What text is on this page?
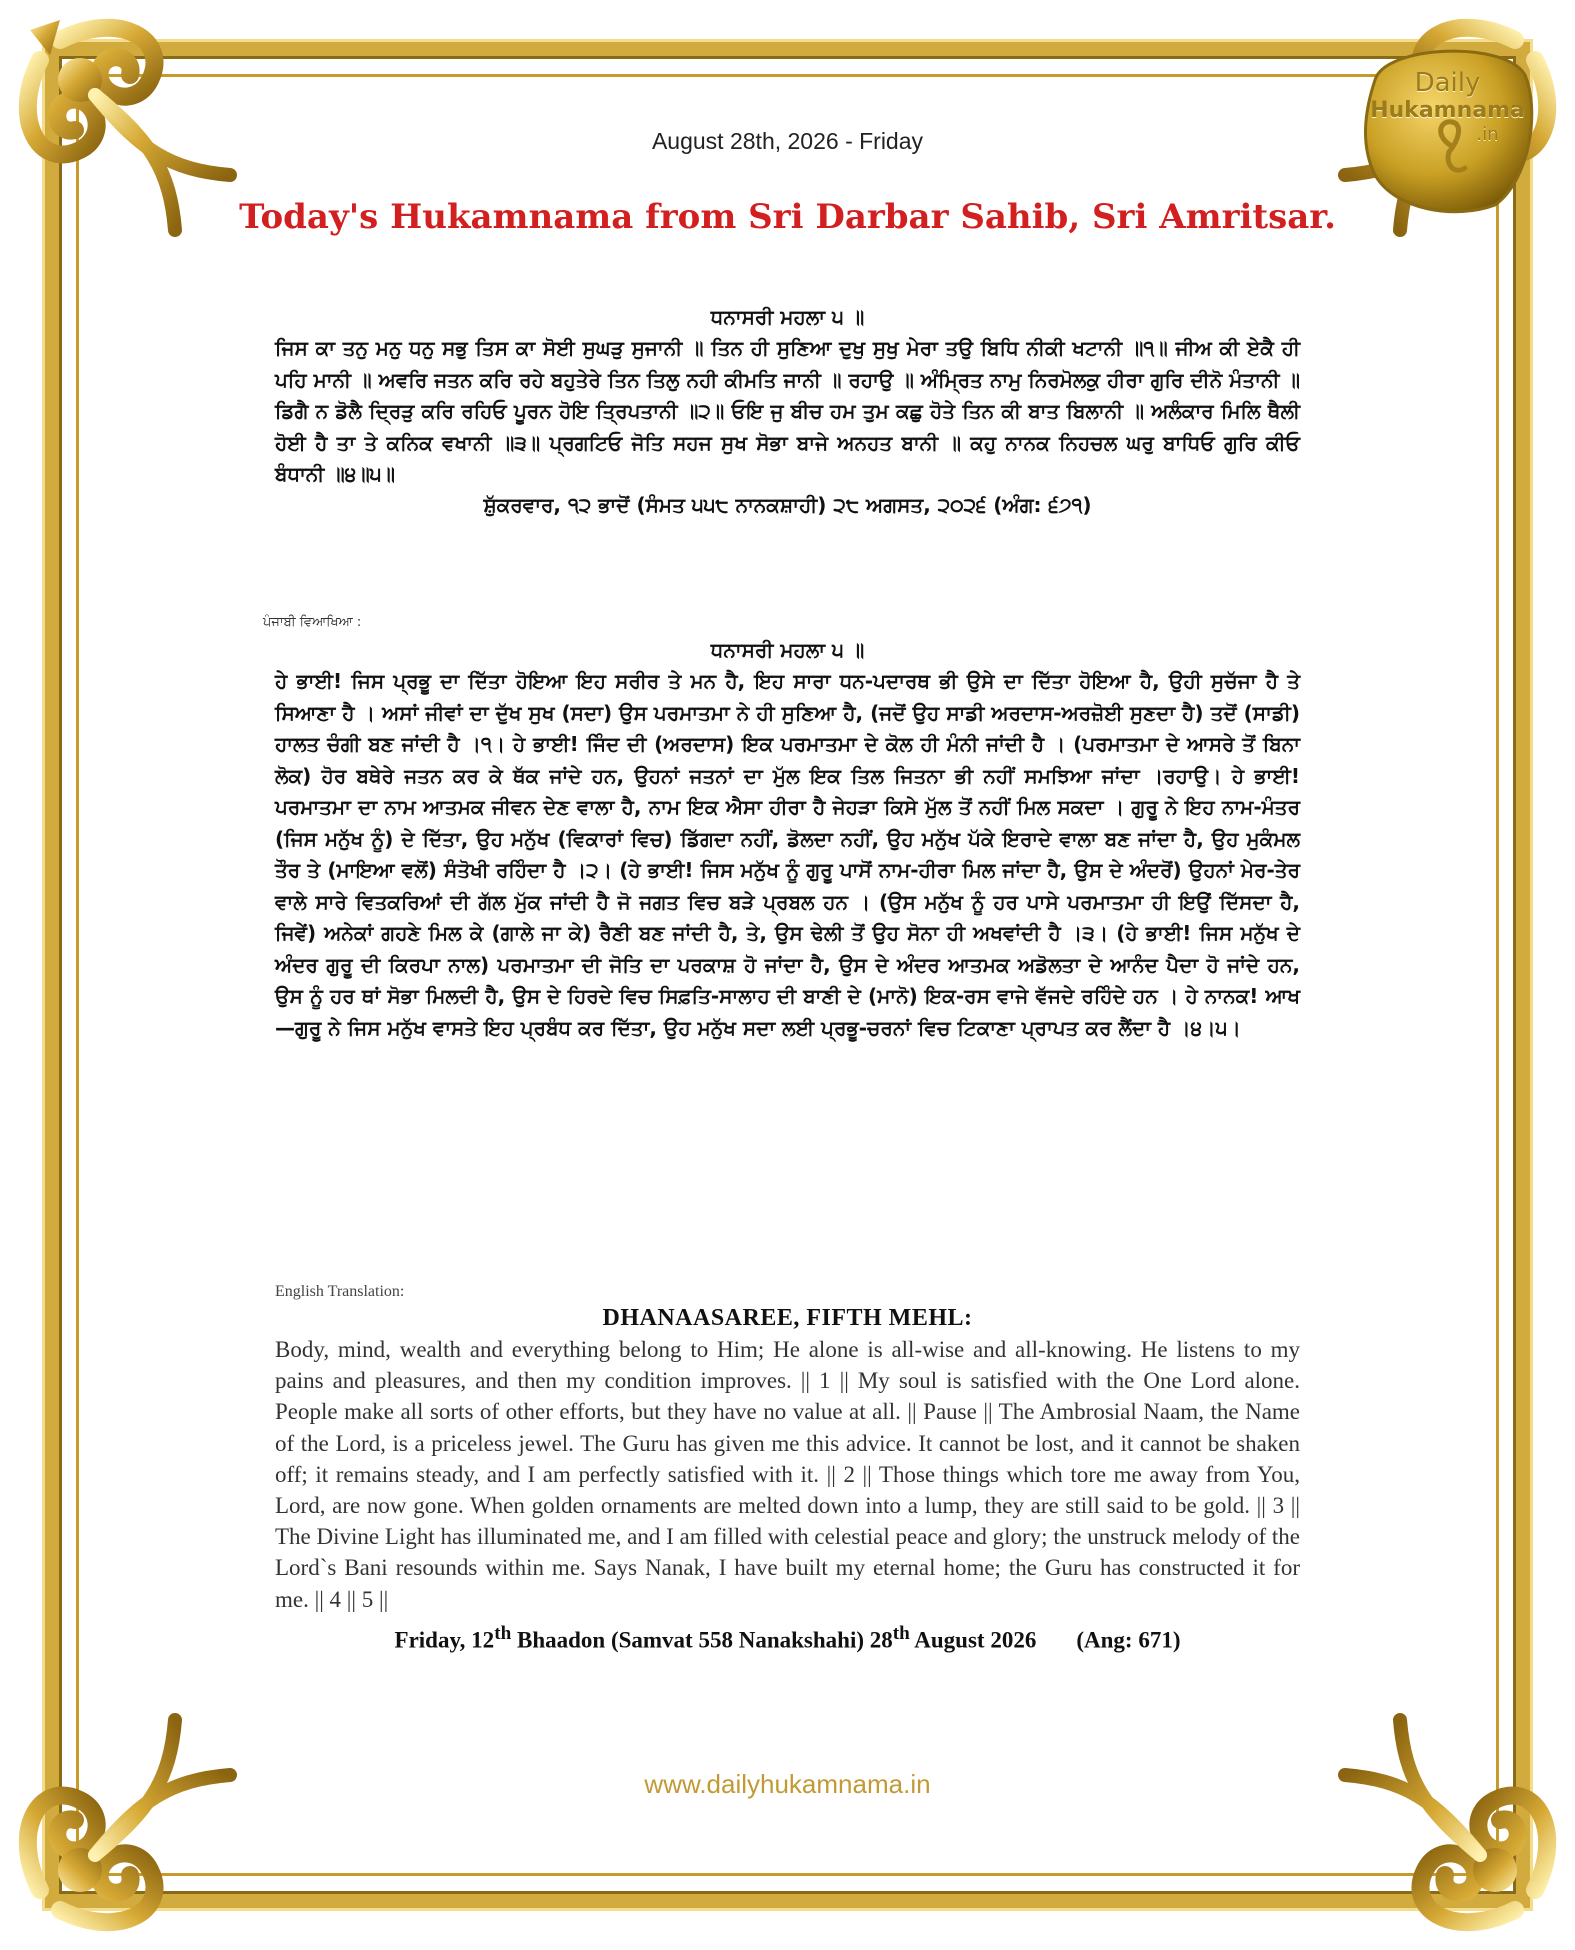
Daily
Hukamnama
.in
August 28th, 2026 - Friday
Today's Hukamnama from Sri Darbar Sahib, Sri Amritsar.
ਧਨਾਸਰੀ ਮਹਲਾ ੫ ॥
ਜਿਸ ਕਾ ਤਨੁ ਮਨੁ ਧਨੁ ਸਭੁ ਤਿਸ ਕਾ ਸੋਈ ਸੁਘੜੁ ਸੁਜਾਨੀ ॥ ਤਿਨ ਹੀ ਸੁਣਿਆ ਦੁਖੁ ਸੁਖੁ ਮੇਰਾ ਤਉ ਬਿਧਿ ਨੀਕੀ ਖਟਾਨੀ ॥੧॥ ਜੀਅ ਕੀ ਏਕੈ ਹੀ ਪਹਿ ਮਾਨੀ ॥ ਅਵਰਿ ਜਤਨ ਕਰਿ ਰਹੇ ਬਹੁਤੇਰੇ ਤਿਨ ਤਿਲੁ ਨਹੀ ਕੀਮਤਿ ਜਾਨੀ ॥ ਰਹਾਉ ॥ ਅੰਮ੍ਰਿਤ ਨਾਮੁ ਨਿਰਮੋਲਕੁ ਹੀਰਾ ਗੁਰਿ ਦੀਨੋ ਮੰਤਾਨੀ ॥ ਡਿਗੈ ਨ ਡੋਲੈ ਦ੍ਰਿੜੁ ਕਰਿ ਰਹਿਓ ਪੂਰਨ ਹੋਇ ਤ੍ਰਿਪਤਾਨੀ ॥੨॥ ਓਇ ਜੁ ਬੀਚ ਹਮ ਤੁਮ ਕਛੁ ਹੋਤੇ ਤਿਨ ਕੀ ਬਾਤ ਬਿਲਾਨੀ ॥ ਅਲੰਕਾਰ ਮਿਲਿ ਥੈਲੀ ਹੋਈ ਹੈ ਤਾ ਤੇ ਕਨਿਕ ਵਖਾਨੀ ॥੩॥ ਪ੍ਰਗਟਿਓ ਜੋਤਿ ਸਹਜ ਸੁਖ ਸੋਭਾ ਬਾਜੇ ਅਨਹਤ ਬਾਨੀ ॥ ਕਹੁ ਨਾਨਕ ਨਿਹਚਲ ਘਰੁ ਬਾਧਿਓ ਗੁਰਿ ਕੀਓ ਬੰਧਾਨੀ ॥੪॥੫॥
ਸ਼ੁੱਕਰਵਾਰ, ੧੨ ਭਾਦੋਂ (ਸੰਮਤ ੫੫੮ ਨਾਨਕਸ਼ਾਹੀ) ੨੮ ਅਗਸਤ, ੨੦੨੬ (ਅੰਗ: ੬੭੧)
ਪੰਜਾਬੀ ਵਿਆਖਿਆ :
ਧਨਾਸਰੀ ਮਹਲਾ ੫ ॥
ਹੇ ਭਾਈ! ਜਿਸ ਪ੍ਰਭੂ ਦਾ ਦਿੱਤਾ ਹੋਇਆ ਇਹ ਸਰੀਰ ਤੇ ਮਨ ਹੈ, ਇਹ ਸਾਰਾ ਧਨ-ਪਦਾਰਥ ਭੀ ਉਸੇ ਦਾ ਦਿੱਤਾ ਹੋਇਆ ਹੈ, ਉਹੀ ਸੁਚੱਜਾ ਹੈ ਤੇ ਸਿਆਣਾ ਹੈ । ਅਸਾਂ ਜੀਵਾਂ ਦਾ ਦੁੱਖ ਸੁਖ (ਸਦਾ) ਉਸ ਪਰਮਾਤਮਾ ਨੇ ਹੀ ਸੁਣਿਆ ਹੈ, (ਜਦੋਂ ਉਹ ਸਾਡੀ ਅਰਦਾਸ-ਅਰਜ਼ੋਈ ਸੁਣਦਾ ਹੈ) ਤਦੋਂ (ਸਾਡੀ) ਹਾਲਤ ਚੰਗੀ ਬਣ ਜਾਂਦੀ ਹੈ ।੧। ਹੇ ਭਾਈ! ਜਿੰਦ ਦੀ (ਅਰਦਾਸ) ਇਕ ਪਰਮਾਤਮਾ ਦੇ ਕੋਲ ਹੀ ਮੰਨੀ ਜਾਂਦੀ ਹੈ । (ਪਰਮਾਤਮਾ ਦੇ ਆਸਰੇ ਤੋਂ ਬਿਨਾ ਲੋਕ) ਹੋਰ ਬਥੇਰੇ ਜਤਨ ਕਰ ਕੇ ਥੱਕ ਜਾਂਦੇ ਹਨ, ਉਹਨਾਂ ਜਤਨਾਂ ਦਾ ਮੁੱਲ ਇਕ ਤਿਲ ਜਿਤਨਾ ਭੀ ਨਹੀਂ ਸਮਝਿਆ ਜਾਂਦਾ ।ਰਹਾਉ। ਹੇ ਭਾਈ! ਪਰਮਾਤਮਾ ਦਾ ਨਾਮ ਆਤਮਕ ਜੀਵਨ ਦੇਣ ਵਾਲਾ ਹੈ, ਨਾਮ ਇਕ ਐਸਾ ਹੀਰਾ ਹੈ ਜੇਹੜਾ ਕਿਸੇ ਮੁੱਲ ਤੋਂ ਨਹੀਂ ਮਿਲ ਸਕਦਾ । ਗੁਰੂ ਨੇ ਇਹ ਨਾਮ-ਮੰਤਰ (ਜਿਸ ਮਨੁੱਖ ਨੂੰ) ਦੇ ਦਿੱਤਾ, ਉਹ ਮਨੁੱਖ (ਵਿਕਾਰਾਂ ਵਿਚ) ਡਿੱਗਦਾ ਨਹੀਂ, ਡੋਲਦਾ ਨਹੀਂ, ਉਹ ਮਨੁੱਖ ਪੱਕੇ ਇਰਾਦੇ ਵਾਲਾ ਬਣ ਜਾਂਦਾ ਹੈ, ਉਹ ਮੁਕੰਮਲ ਤੌਰ ਤੇ (ਮਾਇਆ ਵਲੋਂ) ਸੰਤੋਖੀ ਰਹਿੰਦਾ ਹੈ ।੨। (ਹੇ ਭਾਈ! ਜਿਸ ਮਨੁੱਖ ਨੂੰ ਗੁਰੂ ਪਾਸੋਂ ਨਾਮ-ਹੀਰਾ ਮਿਲ ਜਾਂਦਾ ਹੈ, ਉਸ ਦੇ ਅੰਦਰੋਂ) ਉਹਨਾਂ ਮੇਰ-ਤੇਰ ਵਾਲੇ ਸਾਰੇ ਵਿਤਕਰਿਆਂ ਦੀ ਗੱਲ ਮੁੱਕ ਜਾਂਦੀ ਹੈ ਜੋ ਜਗਤ ਵਿਚ ਬੜੇ ਪ੍ਰਬਲ ਹਨ । (ਉਸ ਮਨੁੱਖ ਨੂੰ ਹਰ ਪਾਸੇ ਪਰਮਾਤਮਾ ਹੀ ਇਉਂ ਦਿੱਸਦਾ ਹੈ, ਜਿਵੇਂ) ਅਨੇਕਾਂ ਗਹਣੇ ਮਿਲ ਕੇ (ਗਾਲੇ ਜਾ ਕੇ) ਰੈਣੀ ਬਣ ਜਾਂਦੀ ਹੈ, ਤੇ, ਉਸ ਢੇਲੀ ਤੋਂ ਉਹ ਸੋਨਾ ਹੀ ਅਖਵਾਂਦੀ ਹੈ ।੩। (ਹੇ ਭਾਈ! ਜਿਸ ਮਨੁੱਖ ਦੇ ਅੰਦਰ ਗੁਰੂ ਦੀ ਕਿਰਪਾ ਨਾਲ) ਪਰਮਾਤਮਾ ਦੀ ਜੋਤਿ ਦਾ ਪਰਕਾਸ਼ ਹੋ ਜਾਂਦਾ ਹੈ, ਉਸ ਦੇ ਅੰਦਰ ਆਤਮਕ ਅਡੋਲਤਾ ਦੇ ਆਨੰਦ ਪੈਦਾ ਹੋ ਜਾਂਦੇ ਹਨ, ਉਸ ਨੂੰ ਹਰ ਥਾਂ ਸੋਭਾ ਮਿਲਦੀ ਹੈ, ਉਸ ਦੇ ਹਿਰਦੇ ਵਿਚ ਸਿਫ਼ਤਿ-ਸਾਲਾਹ ਦੀ ਬਾਣੀ ਦੇ (ਮਾਨੋ) ਇਕ-ਰਸ ਵਾਜੇ ਵੱਜਦੇ ਰਹਿੰਦੇ ਹਨ । ਹੇ ਨਾਨਕ! ਆਖ—ਗੁਰੂ ਨੇ ਜਿਸ ਮਨੁੱਖ ਵਾਸਤੇ ਇਹ ਪ੍ਰਬੰਧ ਕਰ ਦਿੱਤਾ, ਉਹ ਮਨੁੱਖ ਸਦਾ ਲਈ ਪ੍ਰਭੂ-ਚਰਨਾਂ ਵਿਚ ਟਿਕਾਣਾ ਪ੍ਰਾਪਤ ਕਰ ਲੈਂਦਾ ਹੈ ।੪।੫।
English Translation:
DHANAASAREE, FIFTH MEHL:
Body, mind, wealth and everything belong to Him; He alone is all-wise and all-knowing. He listens to my pains and pleasures, and then my condition improves. || 1 || My soul is satisfied with the One Lord alone. People make all sorts of other efforts, but they have no value at all. || Pause || The Ambrosial Naam, the Name of the Lord, is a priceless jewel. The Guru has given me this advice. It cannot be lost, and it cannot be shaken off; it remains steady, and I am perfectly satisfied with it. || 2 || Those things which tore me away from You, Lord, are now gone. When golden ornaments are melted down into a lump, they are still said to be gold. || 3 || The Divine Light has illuminated me, and I am filled with celestial peace and glory; the unstruck melody of the Lord`s Bani resounds within me. Says Nanak, I have built my eternal home; the Guru has constructed it for me. || 4 || 5 ||
Friday, 12th Bhaadon (Samvat 558 Nanakshahi) 28th August 2026 (Ang: 671)
www.dailyhukamnama.in
